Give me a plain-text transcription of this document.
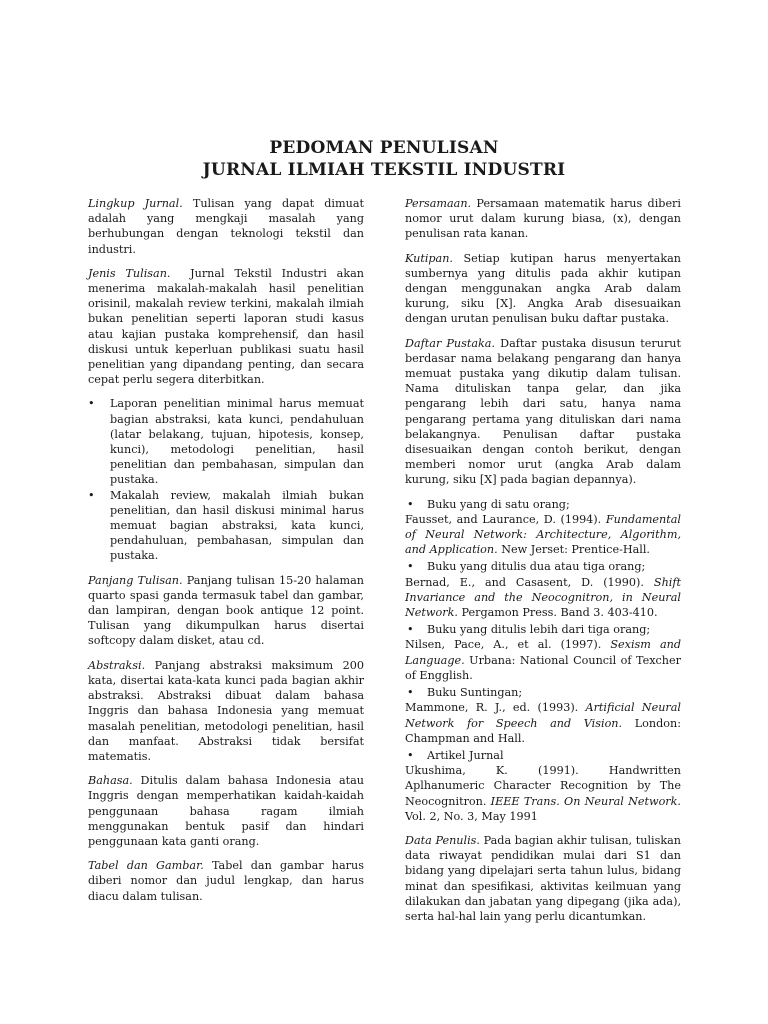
PEDOMAN PENULISAN
JURNAL ILMIAH TEKSTIL INDUSTRI

Lingkup Jurnal. Tulisan yang dapat dimuat adalah yang mengkaji masalah yang berhubungan dengan teknologi tekstil dan industri.

Jenis Tulisan.  Jurnal Tekstil Industri akan menerima makalah-makalah hasil penelitian orisinil, makalah review terkini, makalah ilmiah bukan penelitian seperti laporan studi kasus atau kajian pustaka komprehensif, dan hasil diskusi untuk keperluan publikasi suatu hasil penelitian yang dipandang penting, dan secara cepat perlu segera diterbitkan.

• Laporan penelitian minimal harus memuat bagian abstraksi, kata kunci, pendahuluan (latar belakang, tujuan, hipotesis, konsep, kunci), metodologi penelitian, hasil penelitian dan pembahasan, simpulan dan pustaka.
• Makalah review, makalah ilmiah bukan penelitian, dan hasil diskusi minimal harus memuat bagian abstraksi, kata kunci, pendahuluan, pembahasan, simpulan dan pustaka.

Panjang Tulisan. Panjang tulisan 15-20 halaman quarto spasi ganda termasuk tabel dan gambar, dan lampiran, dengan book antique 12 point. Tulisan yang dikumpulkan harus disertai softcopy dalam disket, atau cd.

Abstraksi. Panjang abstraksi maksimum 200 kata, disertai kata-kata kunci pada bagian akhir abstraksi. Abstraksi dibuat dalam bahasa Inggris dan bahasa Indonesia yang memuat masalah penelitian, metodologi penelitian, hasil dan manfaat. Abstraksi tidak bersifat matematis.

Bahasa. Ditulis dalam bahasa Indonesia atau Inggris dengan memperhatikan kaidah-kaidah penggunaan bahasa ragam ilmiah menggunakan bentuk pasif dan hindari penggunaan kata ganti orang.

Tabel dan Gambar. Tabel dan gambar harus diberi nomor dan judul lengkap, dan harus diacu dalam tulisan.

Persamaan. Persamaan matematik harus diberi nomor urut dalam kurung biasa, (x), dengan penulisan rata kanan.

Kutipan. Setiap kutipan harus menyertakan sumbernya yang ditulis pada akhir kutipan dengan menggunakan angka Arab dalam kurung, siku [X]. Angka Arab disesuaikan dengan urutan penulisan buku daftar pustaka.

Daftar Pustaka. Daftar pustaka disusun terurut berdasar nama belakang pengarang dan hanya memuat pustaka yang dikutip dalam tulisan. Nama dituliskan tanpa gelar, dan jika pengarang lebih dari satu, hanya nama pengarang pertama yang dituliskan dari nama belakangnya. Penulisan daftar pustaka disesuaikan dengan contoh berikut, dengan memberi nomor urut (angka Arab dalam kurung, siku [X] pada bagian depannya).

• Buku yang di satu orang;
Fausset, and Laurance, D. (1994). Fundamental of Neural Network: Architecture, Algorithm, and Application. New Jerset: Prentice-Hall.
• Buku yang ditulis dua atau tiga orang;
Bernad, E., and Casasent, D. (1990). Shift Invariance and the Neocognitron, in Neural Network. Pergamon Press. Band 3. 403-410.
• Buku yang ditulis lebih dari tiga orang;
Nilsen, Pace, A., et al. (1997). Sexism and Language. Urbana: National Council of Texcher of Engglish.
• Buku Suntingan;
Mammone, R. J., ed. (1993). Artificial Neural Network for Speech and Vision. London: Champman and Hall.
• Artikel Jurnal
Ukushima, K. (1991). Handwritten Aplhanumeric Character Recognition by The Neocognitron. IEEE Trans. On Neural Network. Vol. 2, No. 3, May 1991

Data Penulis. Pada bagian akhir tulisan, tuliskan data riwayat pendidikan mulai dari S1 dan bidang yang dipelajari serta tahun lulus, bidang minat dan spesifikasi, aktivitas keilmuan yang dilakukan dan jabatan yang dipegang (jika ada), serta hal-hal lain yang perlu dicantumkan.
